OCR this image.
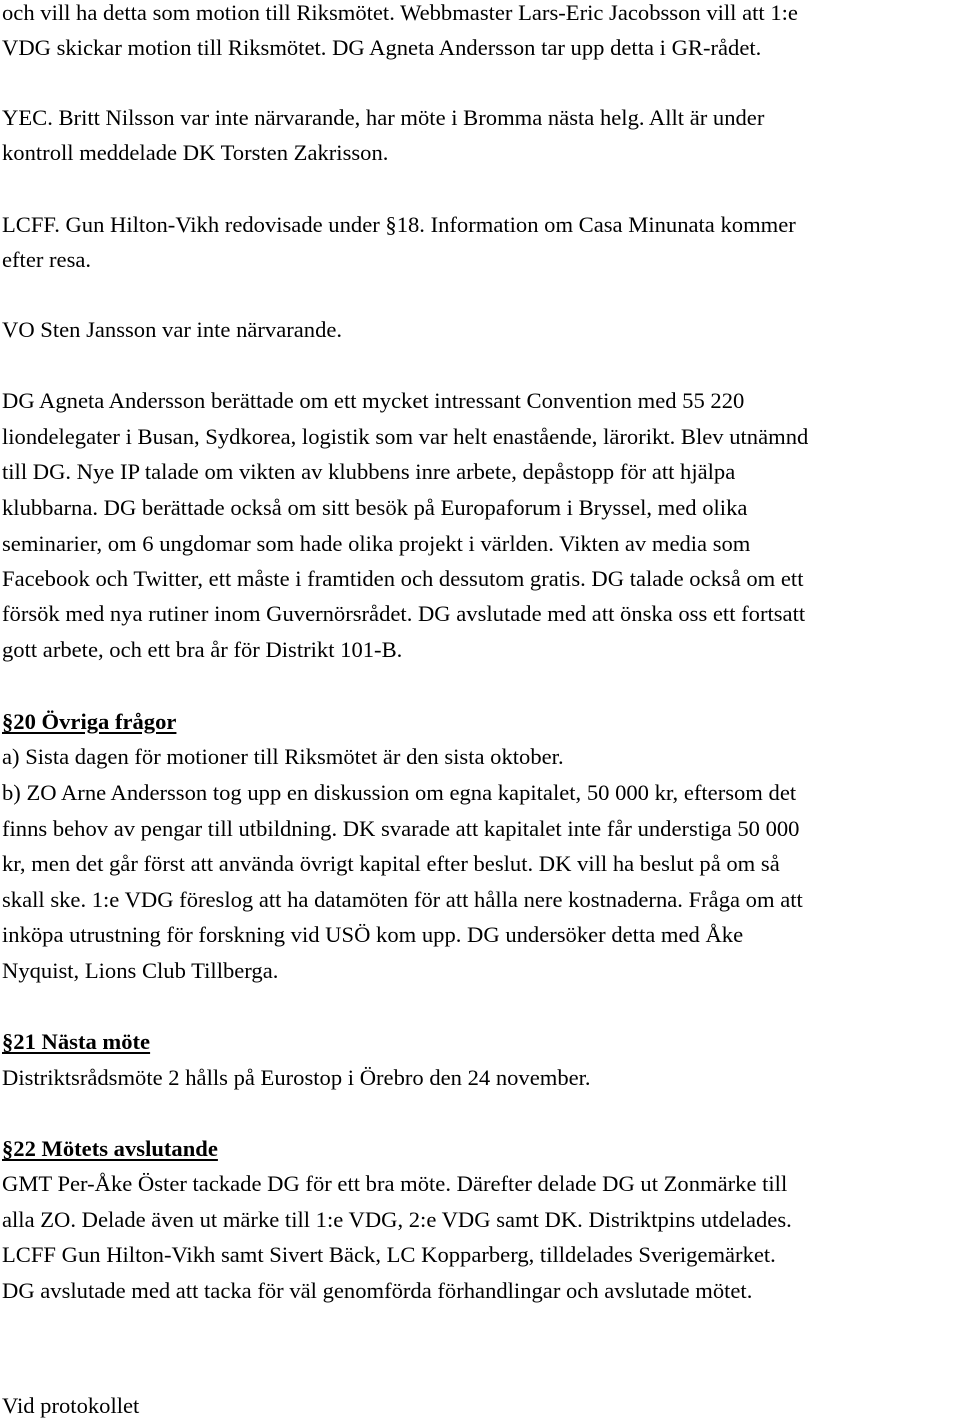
och vill ha detta som motion till Riksmötet. Webbmaster Lars-Eric Jacobsson vill att 1:e
VDG skickar motion till Riksmötet. DG Agneta Andersson tar upp detta i GR-rådet.
YEC. Britt Nilsson var inte närvarande, har möte i Bromma nästa helg. Allt är under
kontroll meddelade DK Torsten Zakrisson.
LCFF. Gun Hilton-Vikh redovisade under §18. Information om Casa Minunata kommer
efter resa.
VO Sten Jansson var inte närvarande.
DG Agneta Andersson berättade om ett mycket intressant Convention med 55 220
liondelegater i Busan, Sydkorea, logistik som var helt enastående, lärorikt. Blev utnämnd
till DG. Nye IP talade om vikten av klubbens inre arbete, depåstopp för att hjälpa
klubbarna. DG berättade också om sitt besök på Europaforum i Bryssel, med olika
seminarier, om 6 ungdomar som hade olika projekt i världen. Vikten av media som
Facebook och Twitter, ett måste i framtiden och dessutom gratis. DG talade också om ett
försök med nya rutiner inom Guvernörsrådet. DG avslutade med att önska oss ett fortsatt
gott arbete, och ett bra år för Distrikt 101-B.
§20 Övriga frågor
a) Sista dagen för motioner till Riksmötet är den sista oktober.
b) ZO Arne Andersson tog upp en diskussion om egna kapitalet, 50 000 kr, eftersom det
finns behov av pengar till utbildning. DK svarade att kapitalet inte får understiga 50 000
kr, men det går först att använda övrigt kapital efter beslut. DK vill ha beslut på om så
skall ske. 1:e VDG föreslog att ha datamöten för att hålla nere kostnaderna. Fråga om att
inköpa utrustning för forskning vid USÖ kom upp. DG undersöker detta med Åke
Nyquist, Lions Club Tillberga.
§21 Nästa möte
Distriktsrådsmöte 2 hålls på Eurostop i Örebro den 24 november.
§22 Mötets avslutande
GMT Per-Åke Öster tackade DG för ett bra möte. Därefter delade DG ut Zonmärke till
alla ZO. Delade även ut märke till 1:e VDG, 2:e VDG samt DK. Distriktpins utdelades.
LCFF Gun Hilton-Vikh samt Sivert Bäck, LC Kopparberg, tilldelades Sverigemärket.
DG avslutade med att tacka för väl genomförda förhandlingar och avslutade mötet.
Vid protokollet
